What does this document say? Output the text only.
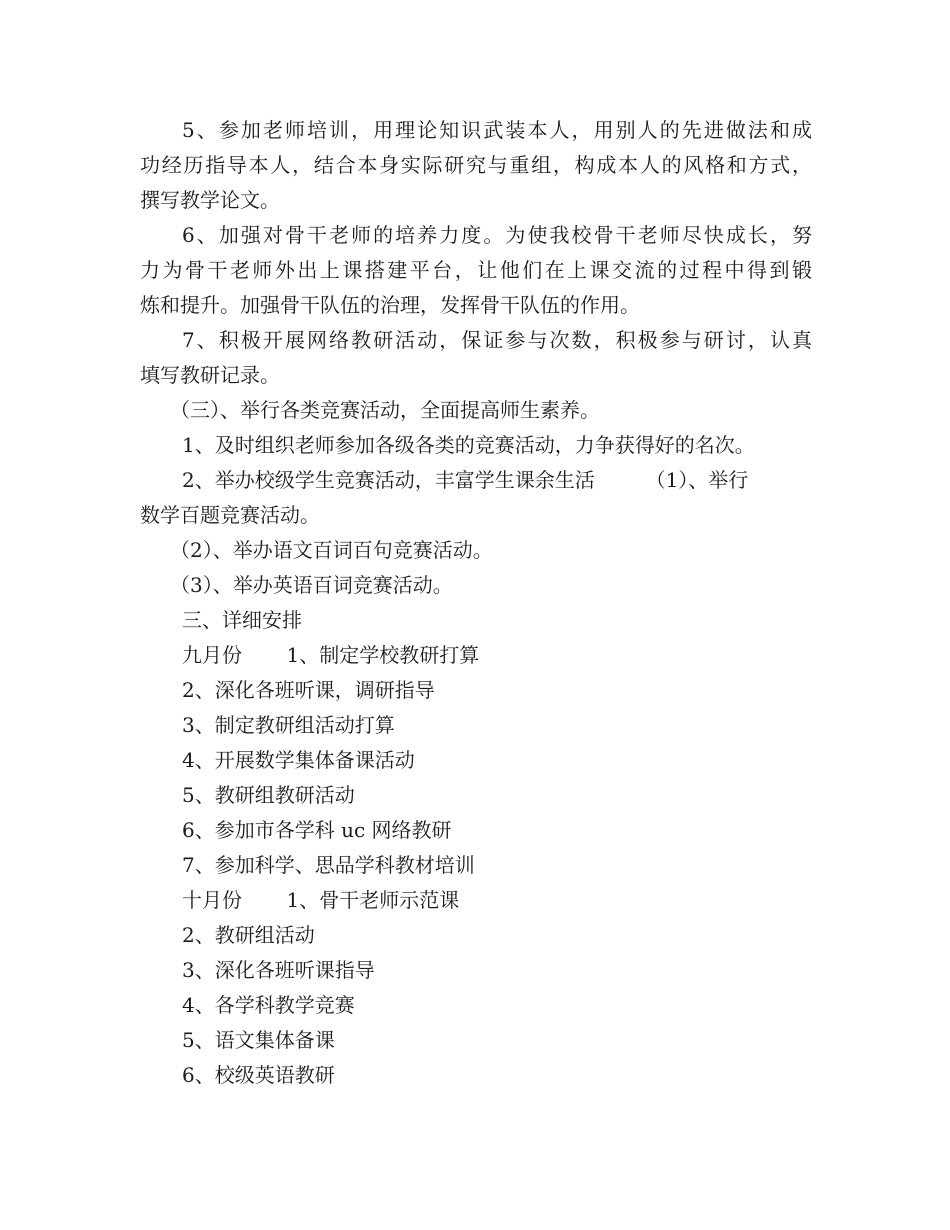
5、参加老师培训，用理论知识武装本人，用别人的先进做法和成
功经历指导本人，结合本身实际研究与重组，构成本人的风格和方式，
撰写教学论文。
6、加强对骨干老师的培养力度。为使我校骨干老师尽快成长，努
力为骨干老师外出上课搭建平台，让他们在上课交流的过程中得到锻
炼和提升。加强骨干队伍的治理，发挥骨干队伍的作用。
7、积极开展网络教研活动，保证参与次数，积极参与研讨，认真
填写教研记录。
（三）、举行各类竞赛活动，全面提高师生素养。
1、及时组织老师参加各级各类的竞赛活动，力争获得好的名次。
2、举办校级学生竞赛活动，丰富学生课余生活        （1）、举行
数学百题竞赛活动。
（2）、举办语文百词百句竞赛活动。
（3）、举办英语百词竞赛活动。
三、详细安排
九月份       1、制定学校教研打算
2、深化各班听课，调研指导
3、制定教研组活动打算
4、开展数学集体备课活动
5、教研组教研活动
6、参加市各学科 uc 网络教研
7、参加科学、思品学科教材培训
十月份       1、骨干老师示范课
2、教研组活动
3、深化各班听课指导
4、各学科教学竞赛
5、语文集体备课
6、校级英语教研
